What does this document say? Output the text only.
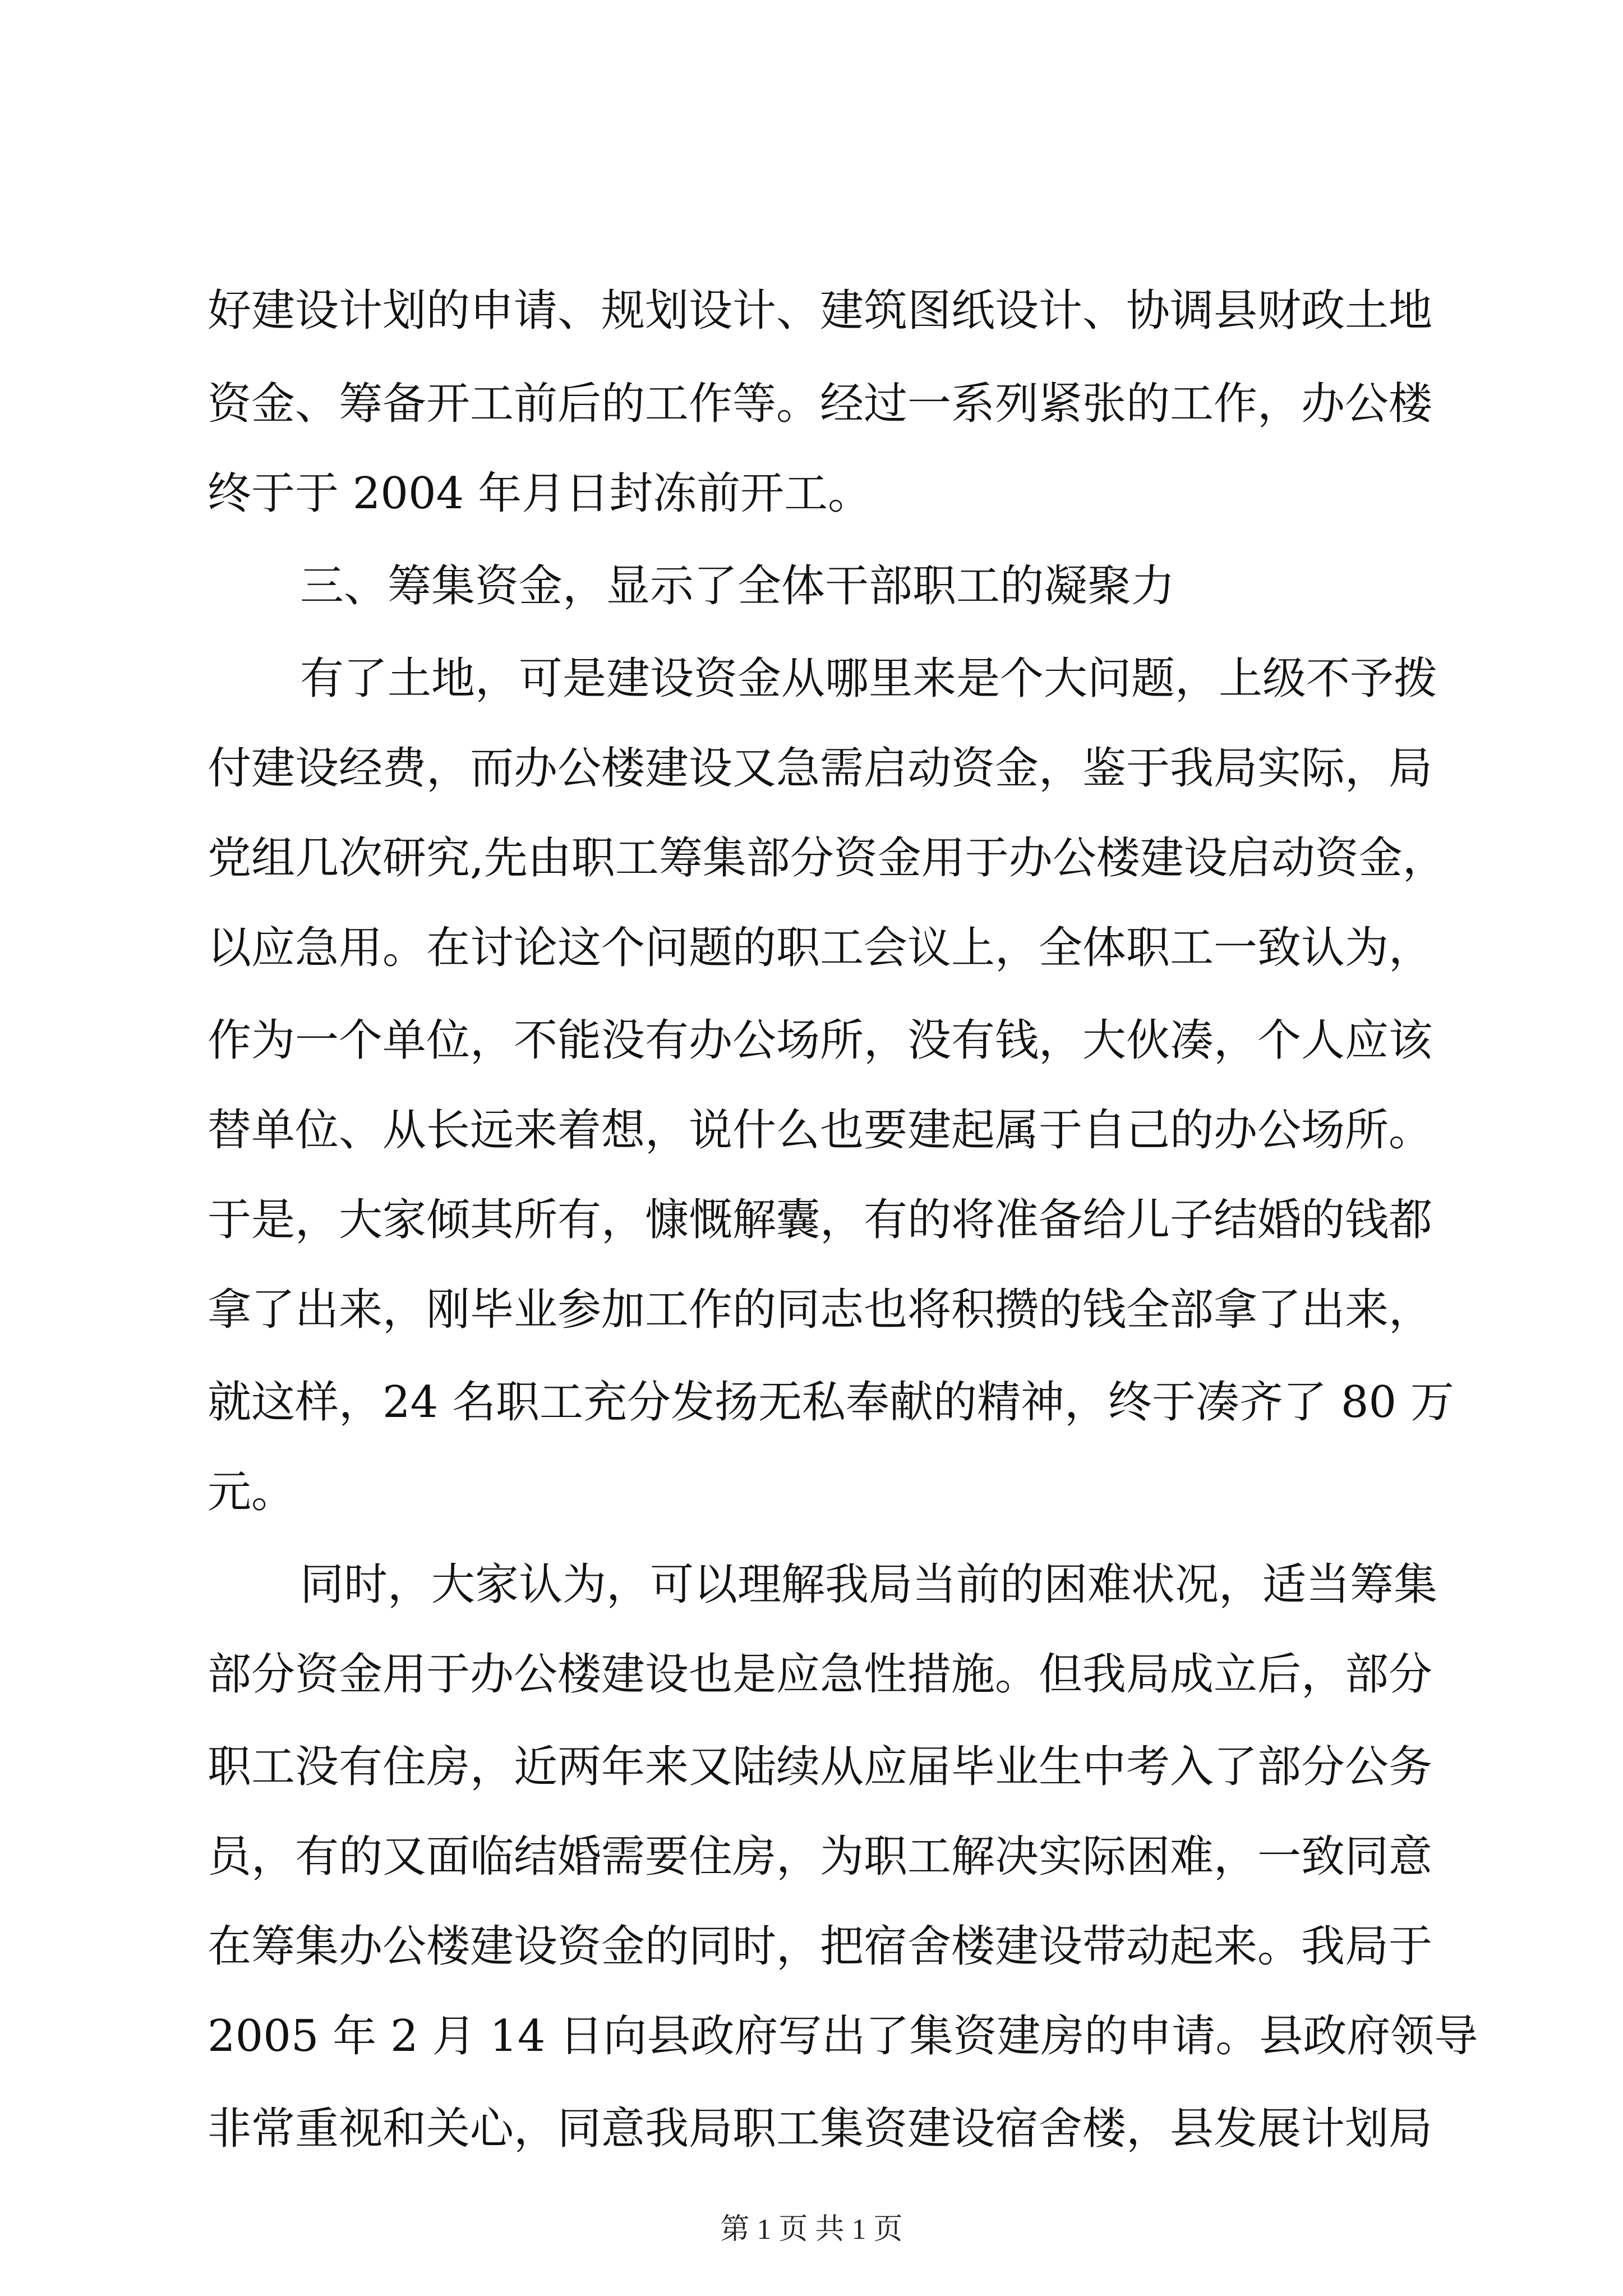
好建设计划的申请、规划设计、建筑图纸设计、协调县财政土地
资金、筹备开工前后的工作等。经过一系列紧张的工作，办公楼
终于于 2004 年月日封冻前开工。
三、筹集资金，显示了全体干部职工的凝聚力
有了土地，可是建设资金从哪里来是个大问题，上级不予拨
付建设经费，而办公楼建设又急需启动资金，鉴于我局实际，局
党组几次研究,先由职工筹集部分资金用于办公楼建设启动资金，
以应急用。在讨论这个问题的职工会议上，全体职工一致认为，
作为一个单位，不能没有办公场所，没有钱，大伙凑，个人应该
替单位、从长远来着想，说什么也要建起属于自己的办公场所。
于是，大家倾其所有，慷慨解囊，有的将准备给儿子结婚的钱都
拿了出来，刚毕业参加工作的同志也将积攒的钱全部拿了出来，
就这样，24 名职工充分发扬无私奉献的精神，终于凑齐了 80 万
元。
同时，大家认为，可以理解我局当前的困难状况，适当筹集
部分资金用于办公楼建设也是应急性措施。但我局成立后，部分
职工没有住房，近两年来又陆续从应届毕业生中考入了部分公务
员，有的又面临结婚需要住房，为职工解决实际困难，一致同意
在筹集办公楼建设资金的同时，把宿舍楼建设带动起来。我局于
2005 年 2 月 14 日向县政府写出了集资建房的申请。县政府领导
非常重视和关心，同意我局职工集资建设宿舍楼，县发展计划局
第 1 页 共 1 页
